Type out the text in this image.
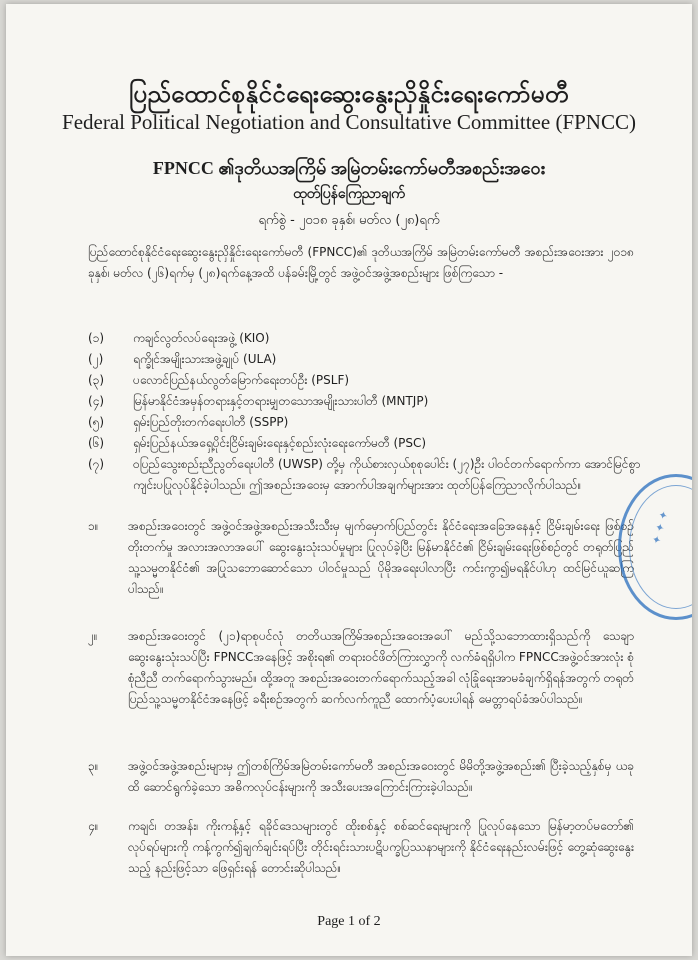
ပြည်ထောင်စုနိုင်ငံရေးဆွေးနွေးညှိနှိုင်းရေးကော်မတီ
Federal Political Negotiation and Consultative Committee (FPNCC)
FPNCC ၏ဒုတိယအကြိမ် အမြဲတမ်းကော်မတီအစည်းအဝေး
ထုတ်ပြန်ကြေညာချက်
ရက်စွဲ - ၂၀၁၈ ခုနှစ်၊ မတ်လ (၂၈)ရက်
ပြည်ထောင်စုနိုင်ငံရေးဆွေးနွေးညှိနှိုင်းရေးကော်မတီ (FPNCC)၏ ဒုတိယအကြိမ် အမြဲတမ်းကော်မတီ အစည်းအဝေးအား ၂၀၁၈ ခုနှစ်၊ မတ်လ (၂၆)ရက်မှ (၂၈)ရက်နေ့အထိ ပန်ခမ်းမြို့တွင် အဖွဲ့ဝင်အဖွဲ့အစည်းများ ဖြစ်ကြသော -
(၁)	ကချင်လွတ်လပ်ရေးအဖွဲ့ (KIO)
(၂)	ရက္ခိုင်အမျိုးသားအဖွဲ့ချုပ် (ULA)
(၃)	ပလောင်ပြည်နယ်လွတ်မြောက်ရေးတပ်ဦး (PSLF)
(၄)	မြန်မာနိုင်ငံအမှန်တရားနှင့်တရားမျှတသောအမျိုးသားပါတီ (MNTJP)
(၅)	ရှမ်းပြည်တိုးတက်ရေးပါတီ (SSPP)
(၆)	ရှမ်းပြည်နယ်အရှေ့ပိုင်းငြိမ်းချမ်းရေးနှင့်စည်းလုံးရေးကော်မတီ (PSC)
(၇)	ဝပြည်သွေးစည်းညီညွတ်ရေးပါတီ (UWSP) တို့မှ ကိုယ်စားလှယ်စုစုပေါင်း (၂၇)ဦး ပါဝင်တက်ရောက်ကာ အောင်မြင်စွာ ကျင်းပပြုလုပ်နိုင်ခဲ့ပါသည်။ ဤအစည်းအဝေးမှ အောက်ပါအချက်များအား ထုတ်ပြန်ကြေညာလိုက်ပါသည်။
၁။ အစည်းအဝေးတွင် အဖွဲ့ဝင်အဖွဲ့အစည်းအသီးသီးမှ မျက်မှောက်ပြည်တွင်း နိုင်ငံရေးအခြေအနေနှင့် ငြိမ်းချမ်းရေး ဖြစ်စဉ်တိုးတက်မှု အလားအလာအပေါ် ဆွေးနွေးသုံးသပ်မှုများ ပြုလုပ်ခဲ့ပြီး မြန်မာနိုင်ငံ၏ ငြိမ်းချမ်းရေးဖြစ်စဉ်တွင် တရုတ်ပြည်သူ့သမ္မတနိုင်ငံ၏ အပြုသဘောဆောင်သော ပါဝင်မှုသည် ပိုမိုအရေးပါလာပြီး ကင်းကွာ၍မရနိုင်ပါဟု ထင်မြင်ယူဆကြပါသည်။
၂။	အစည်းအဝေးတွင် (၂၁)ရာစုပင်လုံ တတိယအကြိမ်အစည်းအဝေးအပေါ် မည်သို့သဘောထားရှိသည်ကို သေချာဆွေးနွေးသုံးသပ်ပြီး FPNCCအနေဖြင့် အစိုးရ၏ တရားဝင်ဖိတ်ကြားလွှာကို လက်ခံရရှိပါက FPNCCအဖွဲ့ဝင်အားလုံး စုံစုံညီညီ တက်ရောက်သွားမည်။ ထို့အတူ အစည်းအဝေးတက်ရောက်သည့်အခါ လုံခြုံရေးအာမခံချက်ရှိရန်အတွက် တရုတ်ပြည်သူ့သမ္မတနိုင်ငံအနေဖြင့် ခရီးစဉ်အတွက် ဆက်လက်ကူညီ ထောက်ပံ့ပေးပါရန် မေတ္တာရပ်ခံအပ်ပါသည်။
၃။ အဖွဲ့ဝင်အဖွဲ့အစည်းများမှ ဤတစ်ကြိမ်အမြဲတမ်းကော်မတီ အစည်းအဝေးတွင် မိမိတို့အဖွဲ့အစည်း၏ ပြီးခဲ့သည့်နှစ်မှ ယခုထိ ဆောင်ရွက်ခဲ့သော အဓိကလုပ်ငန်းများကို အသီးပေးအကြောင်းကြားခဲ့ပါသည်။
၄။ ကချင်၊ တအန်း၊ ကိုးကန့်နှင့် ရခိုင်ဒေသများတွင် ထိုးစစ်နှင့် စစ်ဆင်ရေးများကို ပြုလုပ်နေသော မြန်မာ့တပ်မတော်၏ လုပ်ရပ်များကို ကန့်ကွက်၍ချက်ချင်းရပ်ပြီး တိုင်းရင်းသားပဋိပက္ခပြဿနာများကို နိုင်ငံရေးနည်းလမ်းဖြင့် တွေ့ဆုံဆွေးနွေးသည့် နည်းဖြင့်သာ ဖြေရှင်းရန် တောင်းဆိုပါသည်။
Page 1 of 2
✦ ✦ ✦
